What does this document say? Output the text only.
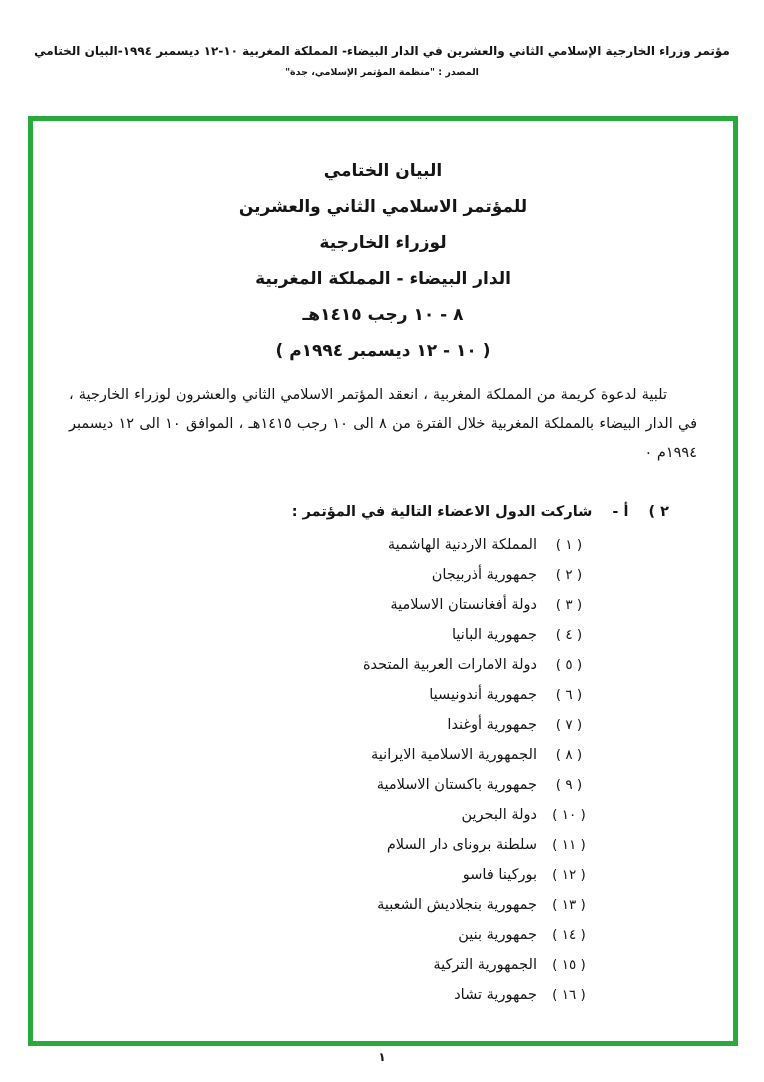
مؤتمر وزراء الخارجية الإسلامي الثاني والعشرين في الدار البيضاء- المملكة المغربية ١٠-١٢ ديسمبر ١٩٩٤-البيان الختامي
المصدر : "منظمة المؤتمر الإسلامي، جدة"
البيان الختامي
للمؤتمر الاسلامي الثاني والعشرين
لوزراء الخارجية
الدار البيضاء - المملكة المغربية
٨ - ١٠ رجب ١٤١٥هـ
( ١٠ - ١٢ ديسمبر ١٩٩٤م )

تلبية لدعوة كريمة من المملكة المغربية ، انعقد المؤتمر الاسلامي الثاني والعشرون لوزراء الخارجية ، في الدار البيضاء بالمملكة المغربية خلال الفترة من ٨ الى ١٠ رجب ١٤١٥هـ ، الموافق ١٠ الى ١٢ ديسمبر ١٩٩٤م ٠

٢ )
أ -
شاركت الدول الاعضاء التالية في المؤتمر :
( ١ )
المملكة الاردنية الهاشمية
( ٢ )
جمهورية أذربيجان
( ٣ )
دولة أفغانستان الاسلامية
( ٤ )
جمهورية البانيا
( ٥ )
دولة الامارات العربية المتحدة
( ٦ )
جمهورية أندونيسيا
( ٧ )
جمهورية أوغندا
( ٨ )
الجمهورية الاسلامية الايرانية
( ٩ )
جمهورية باكستان الاسلامية
( ١٠ )
دولة البحرين
( ١١ )
سلطنة بروناى دار السلام
( ١٢ )
بوركينا فاسو
( ١٣ )
جمهورية بنجلاديش الشعبية
( ١٤ )
جمهورية بنين
( ١٥ )
الجمهورية التركية
( ١٦ )
جمهورية تشاد
١
